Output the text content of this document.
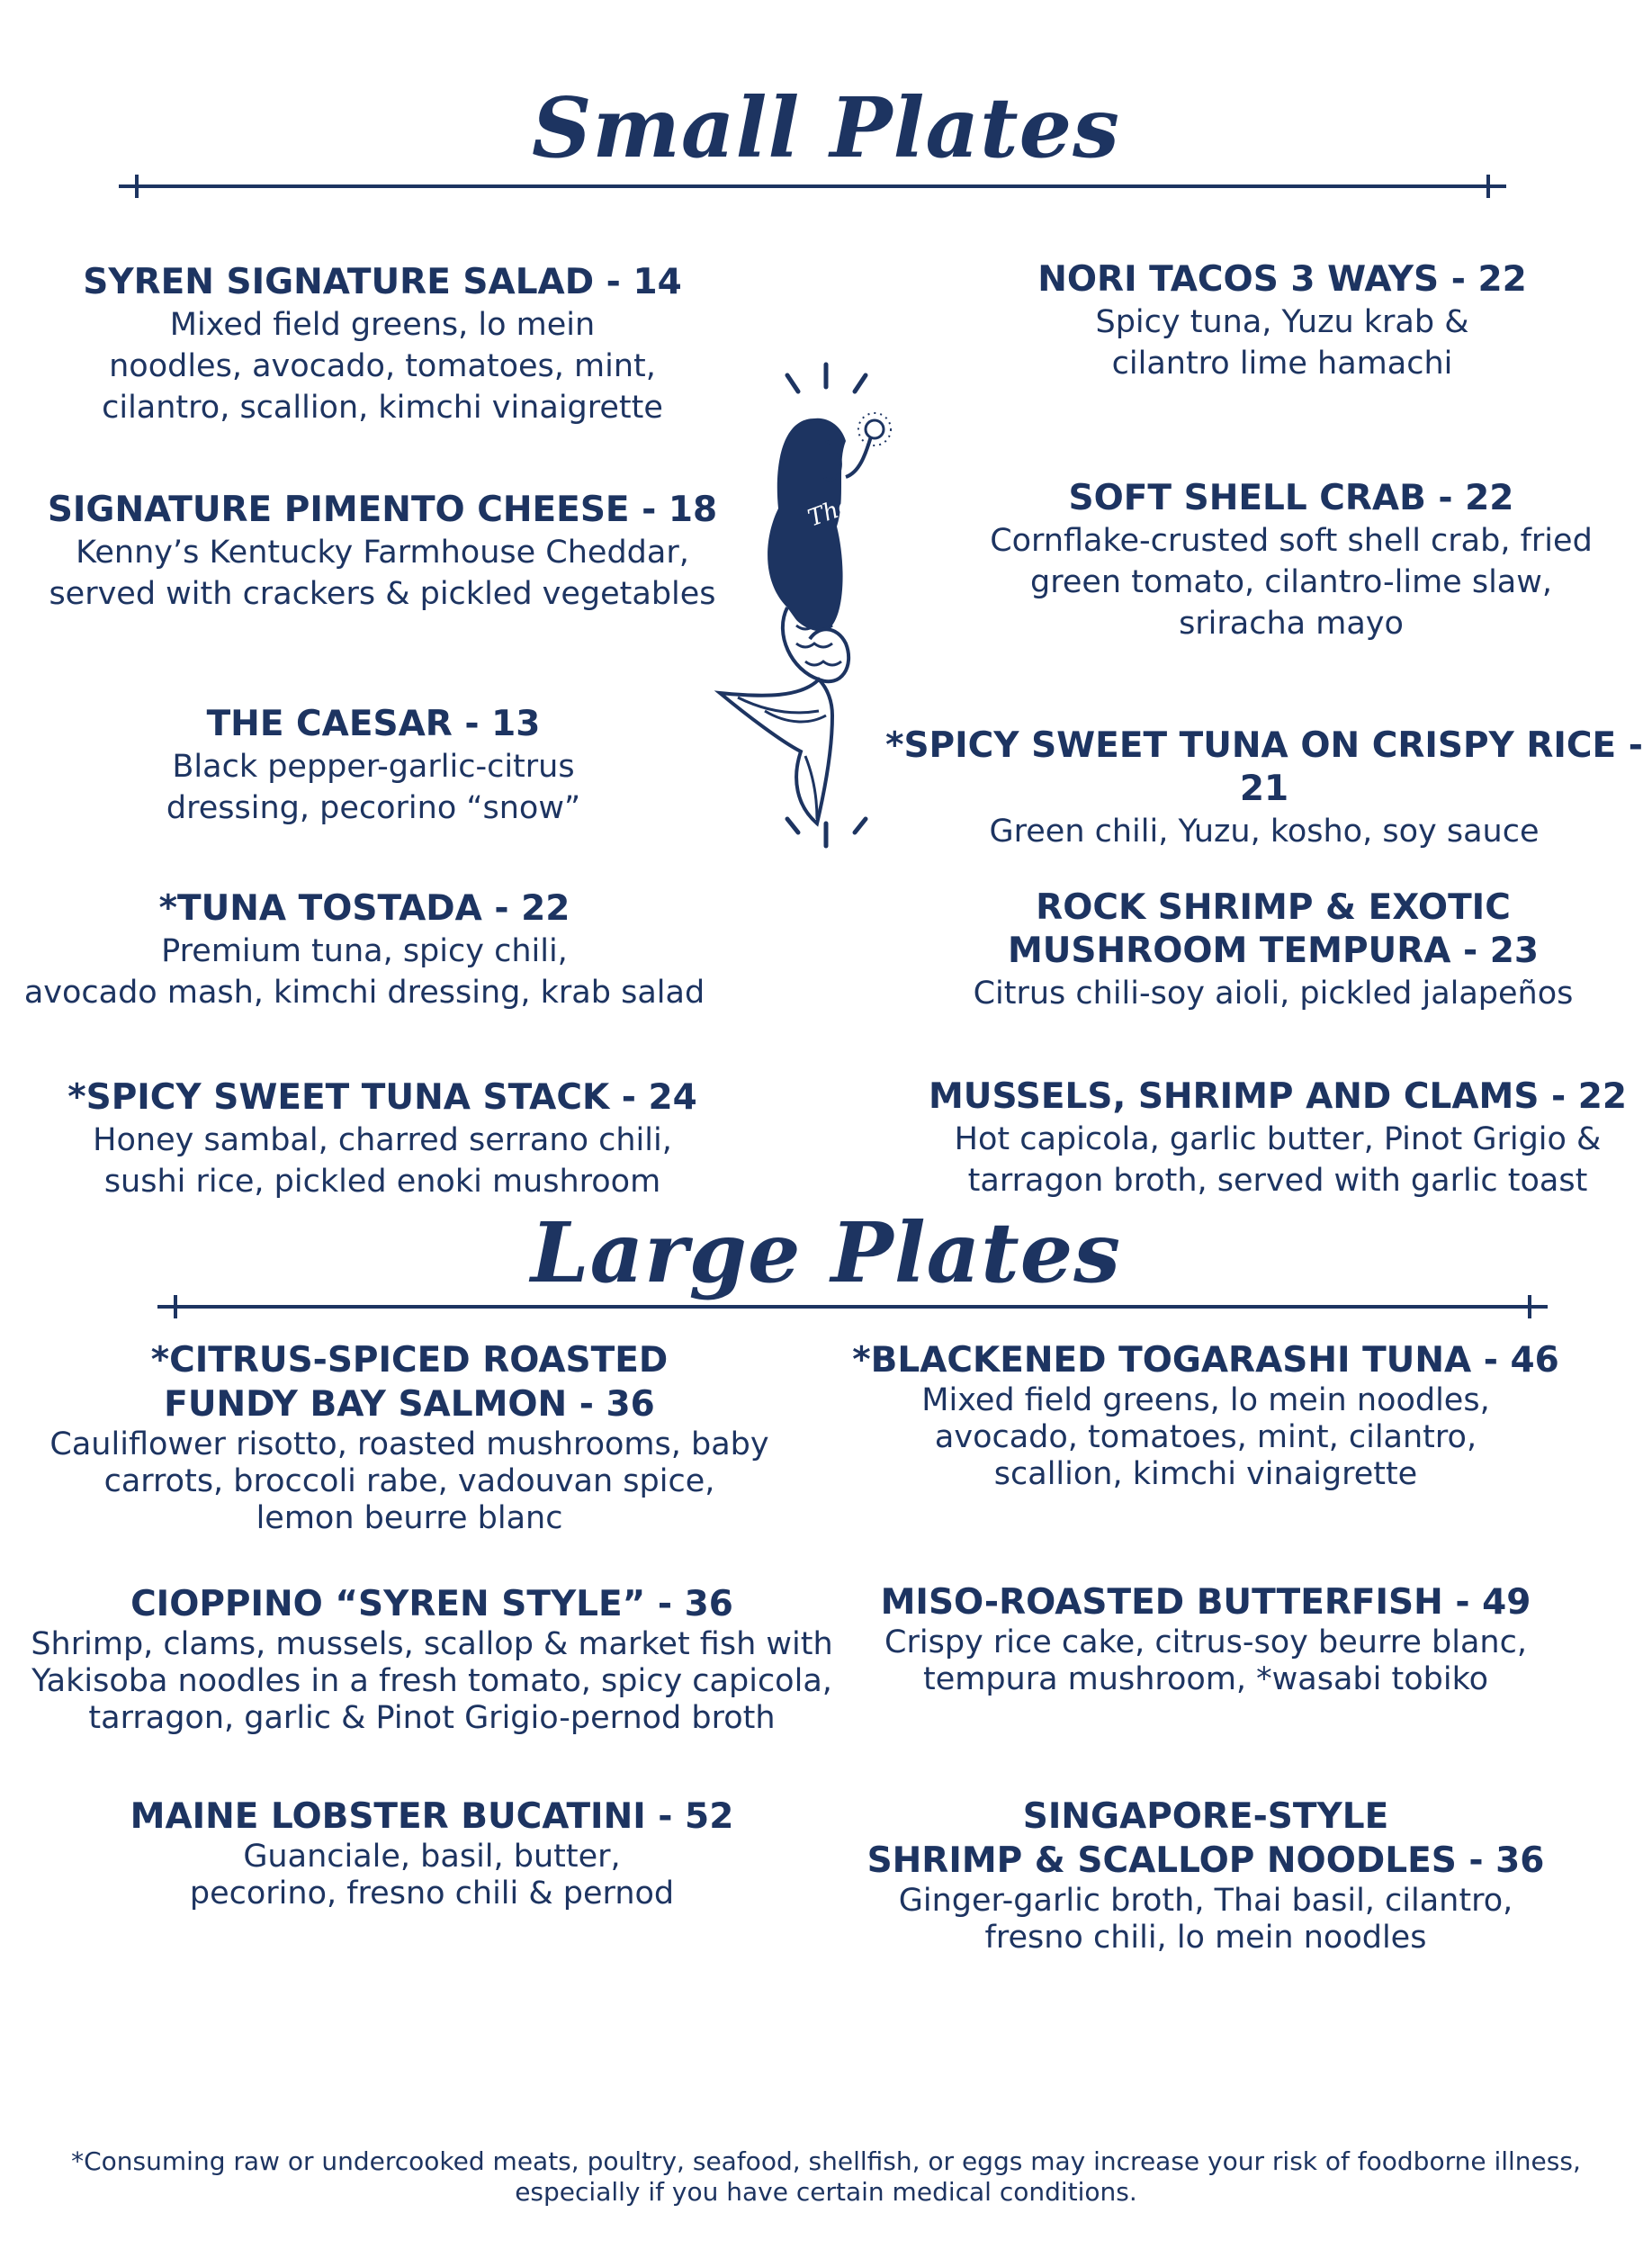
Small Plates
SYREN SIGNATURE SALAD - 14
Mixed field greens, lo mein
noodles, avocado, tomatoes, mint,
cilantro, scallion, kimchi vinaigrette
SIGNATURE PIMENTO CHEESE - 18
Kenny’s Kentucky Farmhouse Cheddar,
served with crackers & pickled vegetables
THE CAESAR - 13
Black pepper-garlic-citrus
dressing, pecorino “snow”
*TUNA TOSTADA - 22
Premium tuna, spicy chili,
avocado mash, kimchi dressing, krab salad
*SPICY SWEET TUNA STACK - 24
Honey sambal, charred serrano chili,
sushi rice, pickled enoki mushroom
NORI TACOS 3 WAYS - 22
Spicy tuna, Yuzu krab &
cilantro lime hamachi
SOFT SHELL CRAB - 22
Cornflake-crusted soft shell crab, fried
green tomato, cilantro-lime slaw,
sriracha mayo
*SPICY SWEET TUNA ON CRISPY RICE - 21
Green chili, Yuzu, kosho, soy sauce
ROCK SHRIMP & EXOTIC
MUSHROOM TEMPURA - 23
Citrus chili-soy aioli, pickled jalapeños
MUSSELS, SHRIMP AND CLAMS - 22
Hot capicola, garlic butter, Pinot Grigio &
tarragon broth, served with garlic toast
The Syren
Large Plates
*CITRUS-SPICED ROASTED
FUNDY BAY SALMON - 36
Cauliflower risotto, roasted mushrooms, baby
carrots, broccoli rabe, vadouvan spice,
lemon beurre blanc
CIOPPINO “SYREN STYLE” - 36
Shrimp, clams, mussels, scallop & market fish with
Yakisoba noodles in a fresh tomato, spicy capicola,
tarragon, garlic & Pinot Grigio-pernod broth
MAINE LOBSTER BUCATINI - 52
Guanciale, basil, butter,
pecorino, fresno chili & pernod
*BLACKENED TOGARASHI TUNA - 46
Mixed field greens, lo mein noodles,
avocado, tomatoes, mint, cilantro,
scallion, kimchi vinaigrette
MISO-ROASTED BUTTERFISH - 49
Crispy rice cake, citrus-soy beurre blanc,
tempura mushroom, *wasabi tobiko
SINGAPORE-STYLE
SHRIMP & SCALLOP NOODLES - 36
Ginger-garlic broth, Thai basil, cilantro,
fresno chili, lo mein noodles
*Consuming raw or undercooked meats, poultry, seafood, shellfish, or eggs may increase your risk of foodborne illness,
especially if you have certain medical conditions.
